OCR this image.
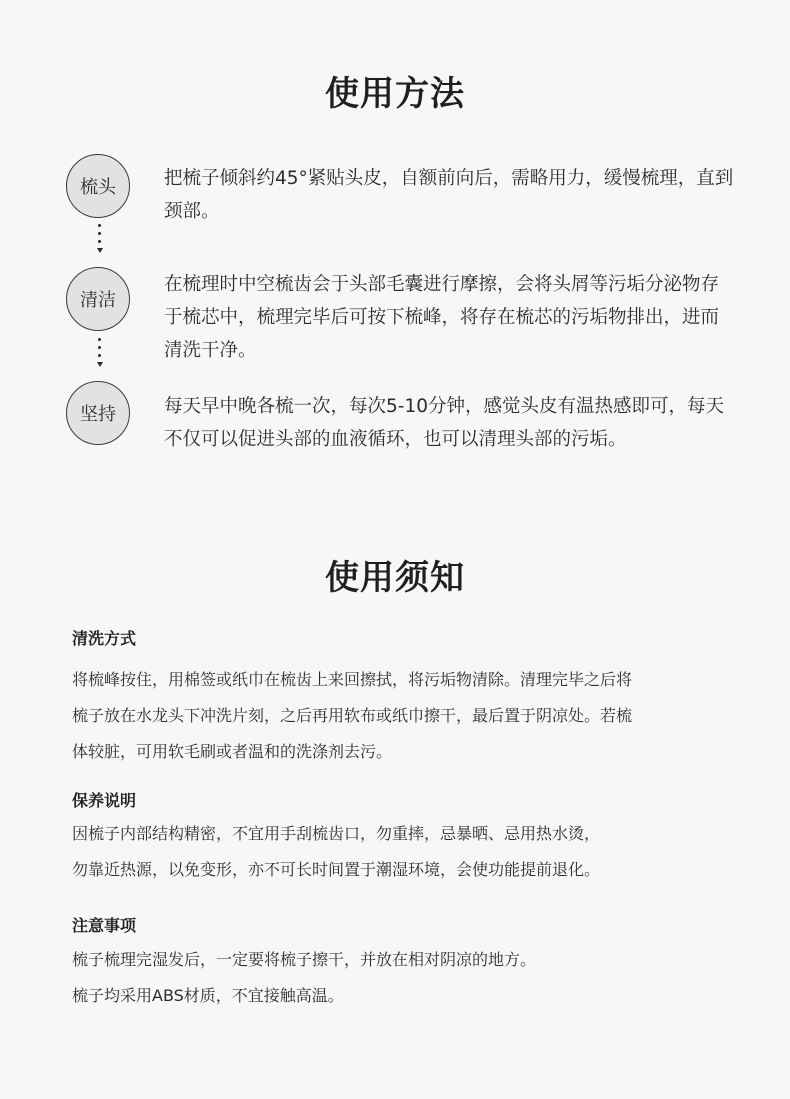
使用方法
梳头	把梳子倾斜约45°紧贴头皮，自额前向后，需略用力，缓慢梳理，直到颈部。
清洁
在梳理时中空梳齿会于头部毛囊进行摩擦，会将头屑等污垢分泌物存于梳芯中，梳理完毕后可按下梳峰，将存在梳芯的污垢物排出，进而清洗干净。
坚持	每天早中晚各梳一次，每次5-10分钟，感觉头皮有温热感即可，每天不仅可以促进头部的血液循环，也可以清理头部的污垢。
使用须知
清洗方式
将梳峰按住，用棉签或纸巾在梳齿上来回擦拭，将污垢物清除。清理完毕之后将
梳子放在水龙头下冲洗片刻，之后再用软布或纸巾擦干，最后置于阴凉处。若梳
体较脏，可用软毛刷或者温和的洗涤剂去污。
保养说明
因梳子内部结构精密，不宜用手刮梳齿口，勿重摔，忌暴晒、忌用热水烫，
勿靠近热源，以免变形，亦不可长时间置于潮湿环境，会使功能提前退化。
注意事项
梳子梳理完湿发后，一定要将梳子擦干，并放在相对阴凉的地方。
梳子均采用ABS材质，不宜接触高温。
